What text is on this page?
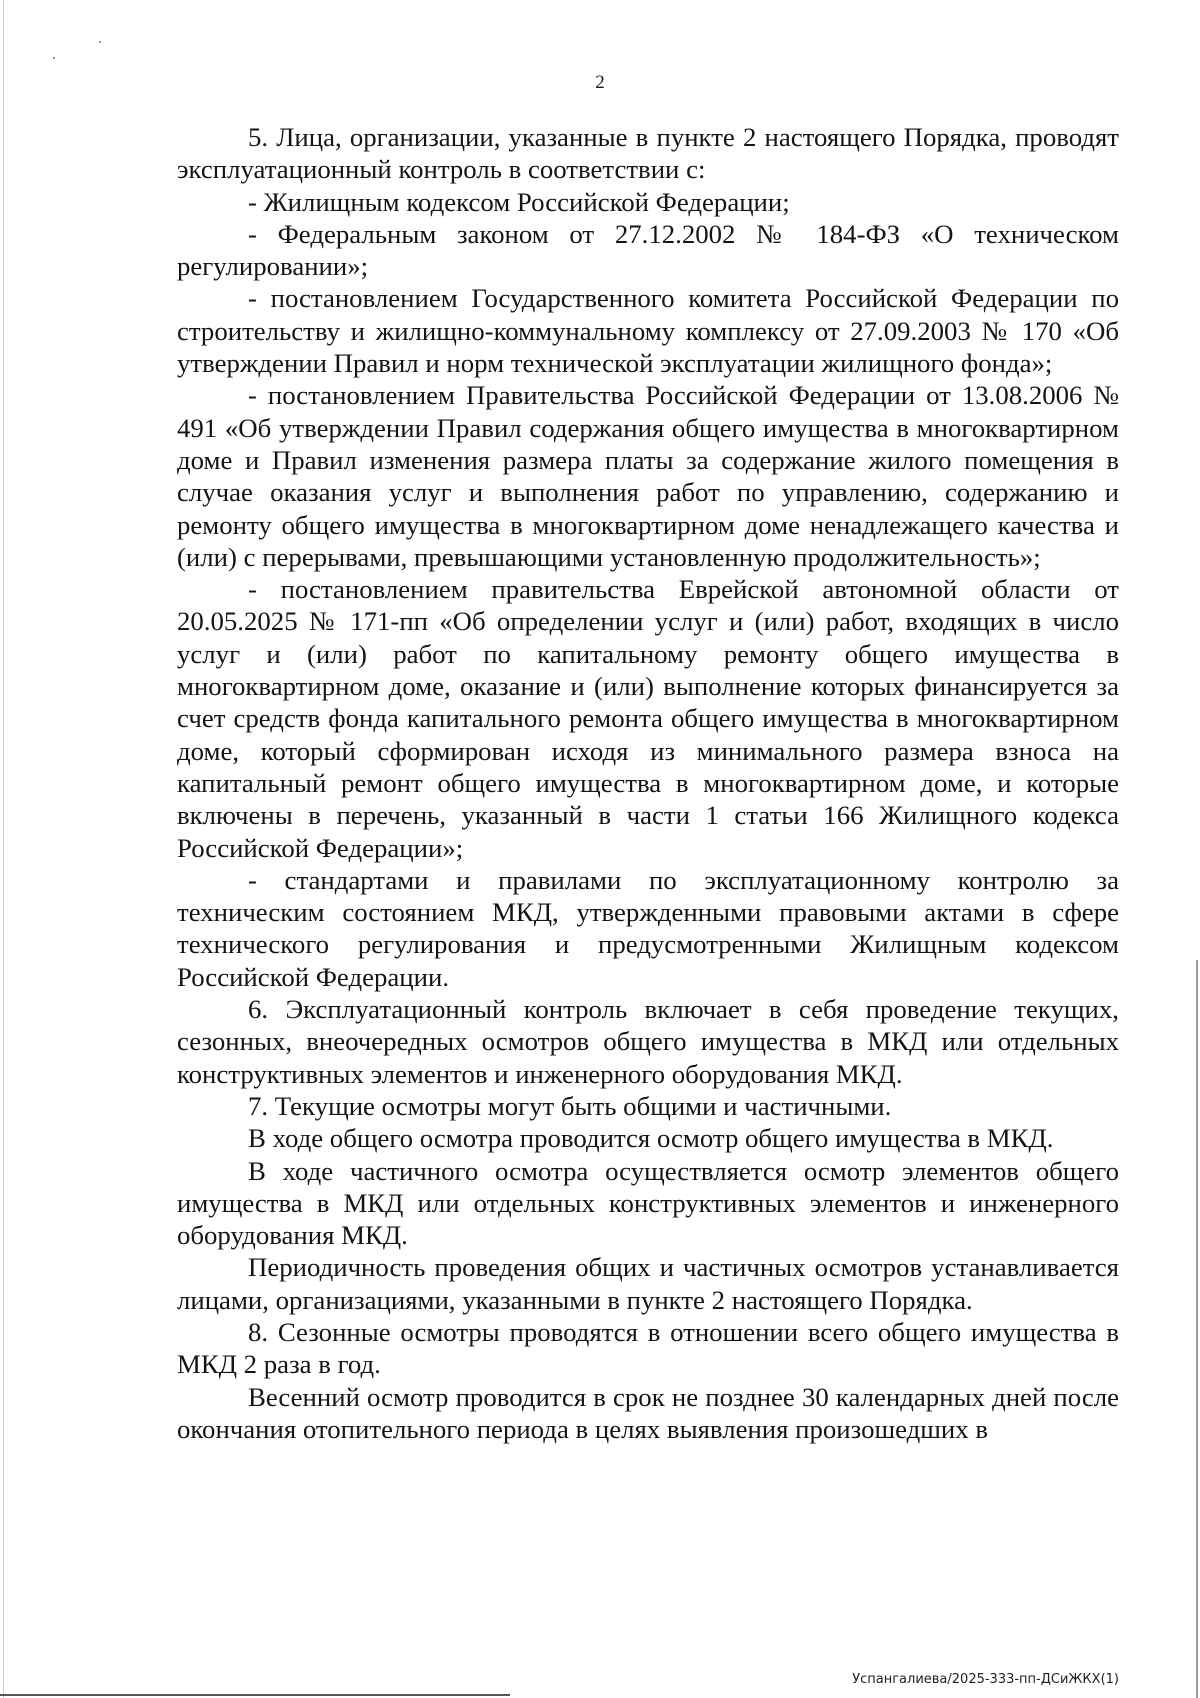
2

5. Лица, организации, указанные в пункте 2 настоящего Порядка, проводят эксплуатационный контроль в соответствии с:

- Жилищным кодексом Российской Федерации;

- Федеральным законом от 27.12.2002 № 184-ФЗ «О техническом регулировании»;

- постановлением Государственного комитета Российской Федерации по строительству и жилищно-коммунальному комплексу от 27.09.2003 № 170 «Об утверждении Правил и норм технической эксплуатации жилищного фонда»;

- постановлением Правительства Российской Федерации от 13.08.2006 № 491 «Об утверждении Правил содержания общего имущества в многоквартирном доме и Правил изменения размера платы за содержание жилого помещения в случае оказания услуг и выполнения работ по управлению, содержанию и ремонту общего имущества в многоквартирном доме ненадлежащего качества и (или) с перерывами, превышающими установленную продолжительность»;

- постановлением правительства Еврейской автономной области от 20.05.2025 № 171-пп «Об определении услуг и (или) работ, входящих в число услуг и (или) работ по капитальному ремонту общего имущества в многоквартирном доме, оказание и (или) выполнение которых финансируется за счет средств фонда капитального ремонта общего имущества в многоквартирном доме, который сформирован исходя из минимального размера взноса на капитальный ремонт общего имущества в многоквартирном доме, и которые включены в перечень, указанный в части 1 статьи 166 Жилищного кодекса Российской Федерации»;

- стандартами и правилами по эксплуатационному контролю за техническим состоянием МКД, утвержденными правовыми актами в сфере технического регулирования и предусмотренными Жилищным кодексом Российской Федерации.

6. Эксплуатационный контроль включает в себя проведение текущих, сезонных, внеочередных осмотров общего имущества в МКД или отдельных конструктивных элементов и инженерного оборудования МКД.

7. Текущие осмотры могут быть общими и частичными.

В ходе общего осмотра проводится осмотр общего имущества в МКД.

В ходе частичного осмотра осуществляется осмотр элементов общего имущества в МКД или отдельных конструктивных элементов и инженерного оборудования МКД.

Периодичность проведения общих и частичных осмотров устанавливается лицами, организациями, указанными в пункте 2 настоящего Порядка.

8. Сезонные осмотры проводятся в отношении всего общего имущества в МКД 2 раза в год.

Весенний осмотр проводится в срок не позднее 30 календарных дней после окончания отопительного периода в целях выявления произошедших в

Успангалиева/2025-333-пп-ДСиЖКХ(1)
